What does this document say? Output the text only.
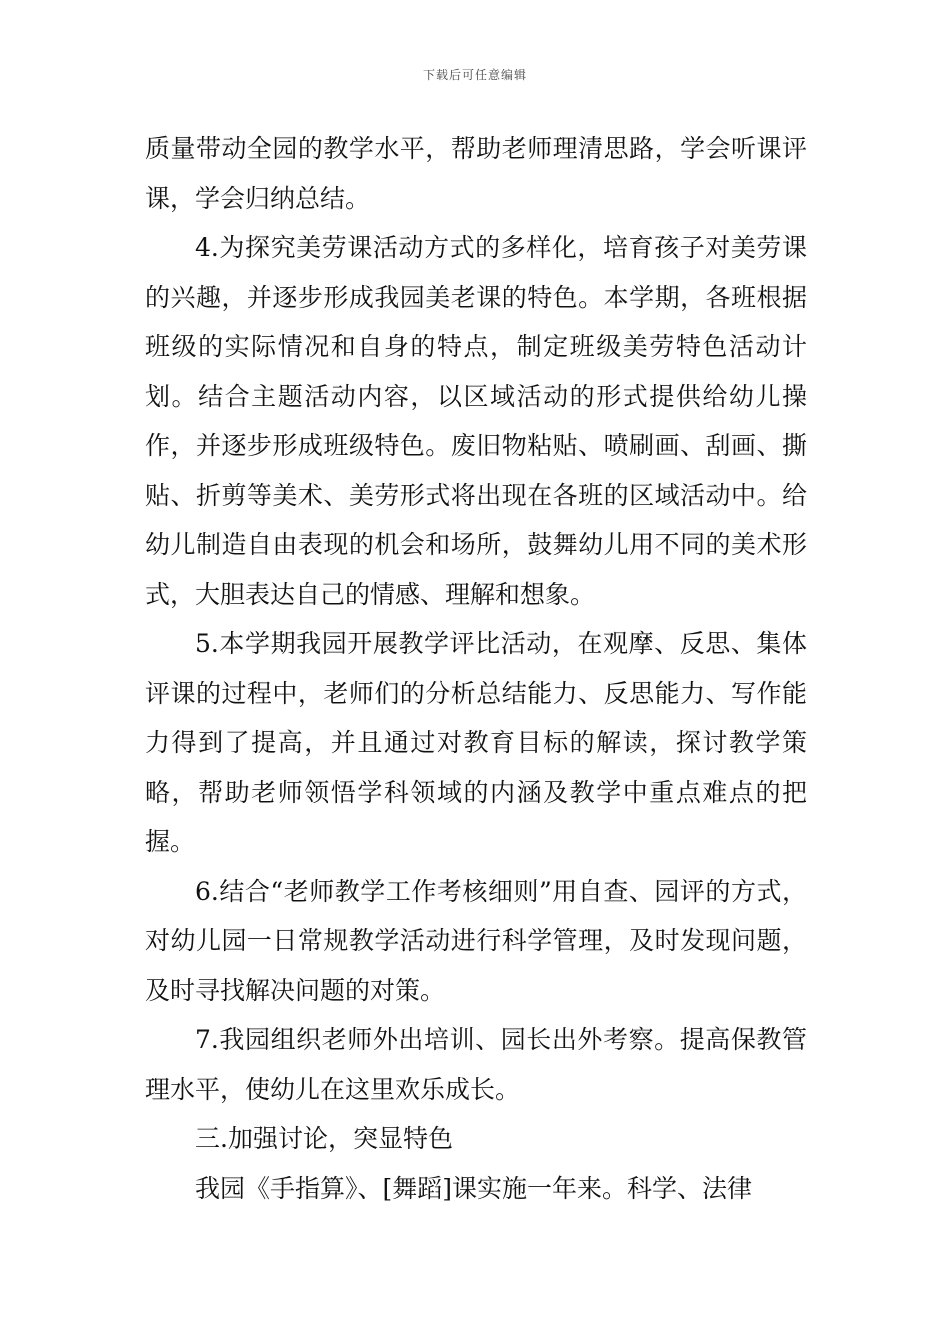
下载后可任意编辑

质量带动全园的教学水平，帮助老师理清思路，学会听课评课，学会归纳总结。

4.为探究美劳课活动方式的多样化，培育孩子对美劳课的兴趣，并逐步形成我园美老课的特色。本学期，各班根据班级的实际情况和自身的特点，制定班级美劳特色活动计划。结合主题活动内容，以区域活动的形式提供给幼儿操作，并逐步形成班级特色。废旧物粘贴、喷刷画、刮画、撕贴、折剪等美术、美劳形式将出现在各班的区域活动中。给幼儿制造自由表现的机会和场所，鼓舞幼儿用不同的美术形式，大胆表达自己的情感、理解和想象。

5.本学期我园开展教学评比活动，在观摩、反思、集体评课的过程中，老师们的分析总结能力、反思能力、写作能力得到了提高，并且通过对教育目标的解读，探讨教学策略，帮助老师领悟学科领域的内涵及教学中重点难点的把握。

6.结合“老师教学工作考核细则”用自查、园评的方式，对幼儿园一日常规教学活动进行科学管理，及时发现问题，及时寻找解决问题的对策。

7.我园组织老师外出培训、园长出外考察。提高保教管理水平，使幼儿在这里欢乐成长。

三.加强讨论，突显特色

我园《手指算》、[舞蹈]课实施一年来。科学、法律
